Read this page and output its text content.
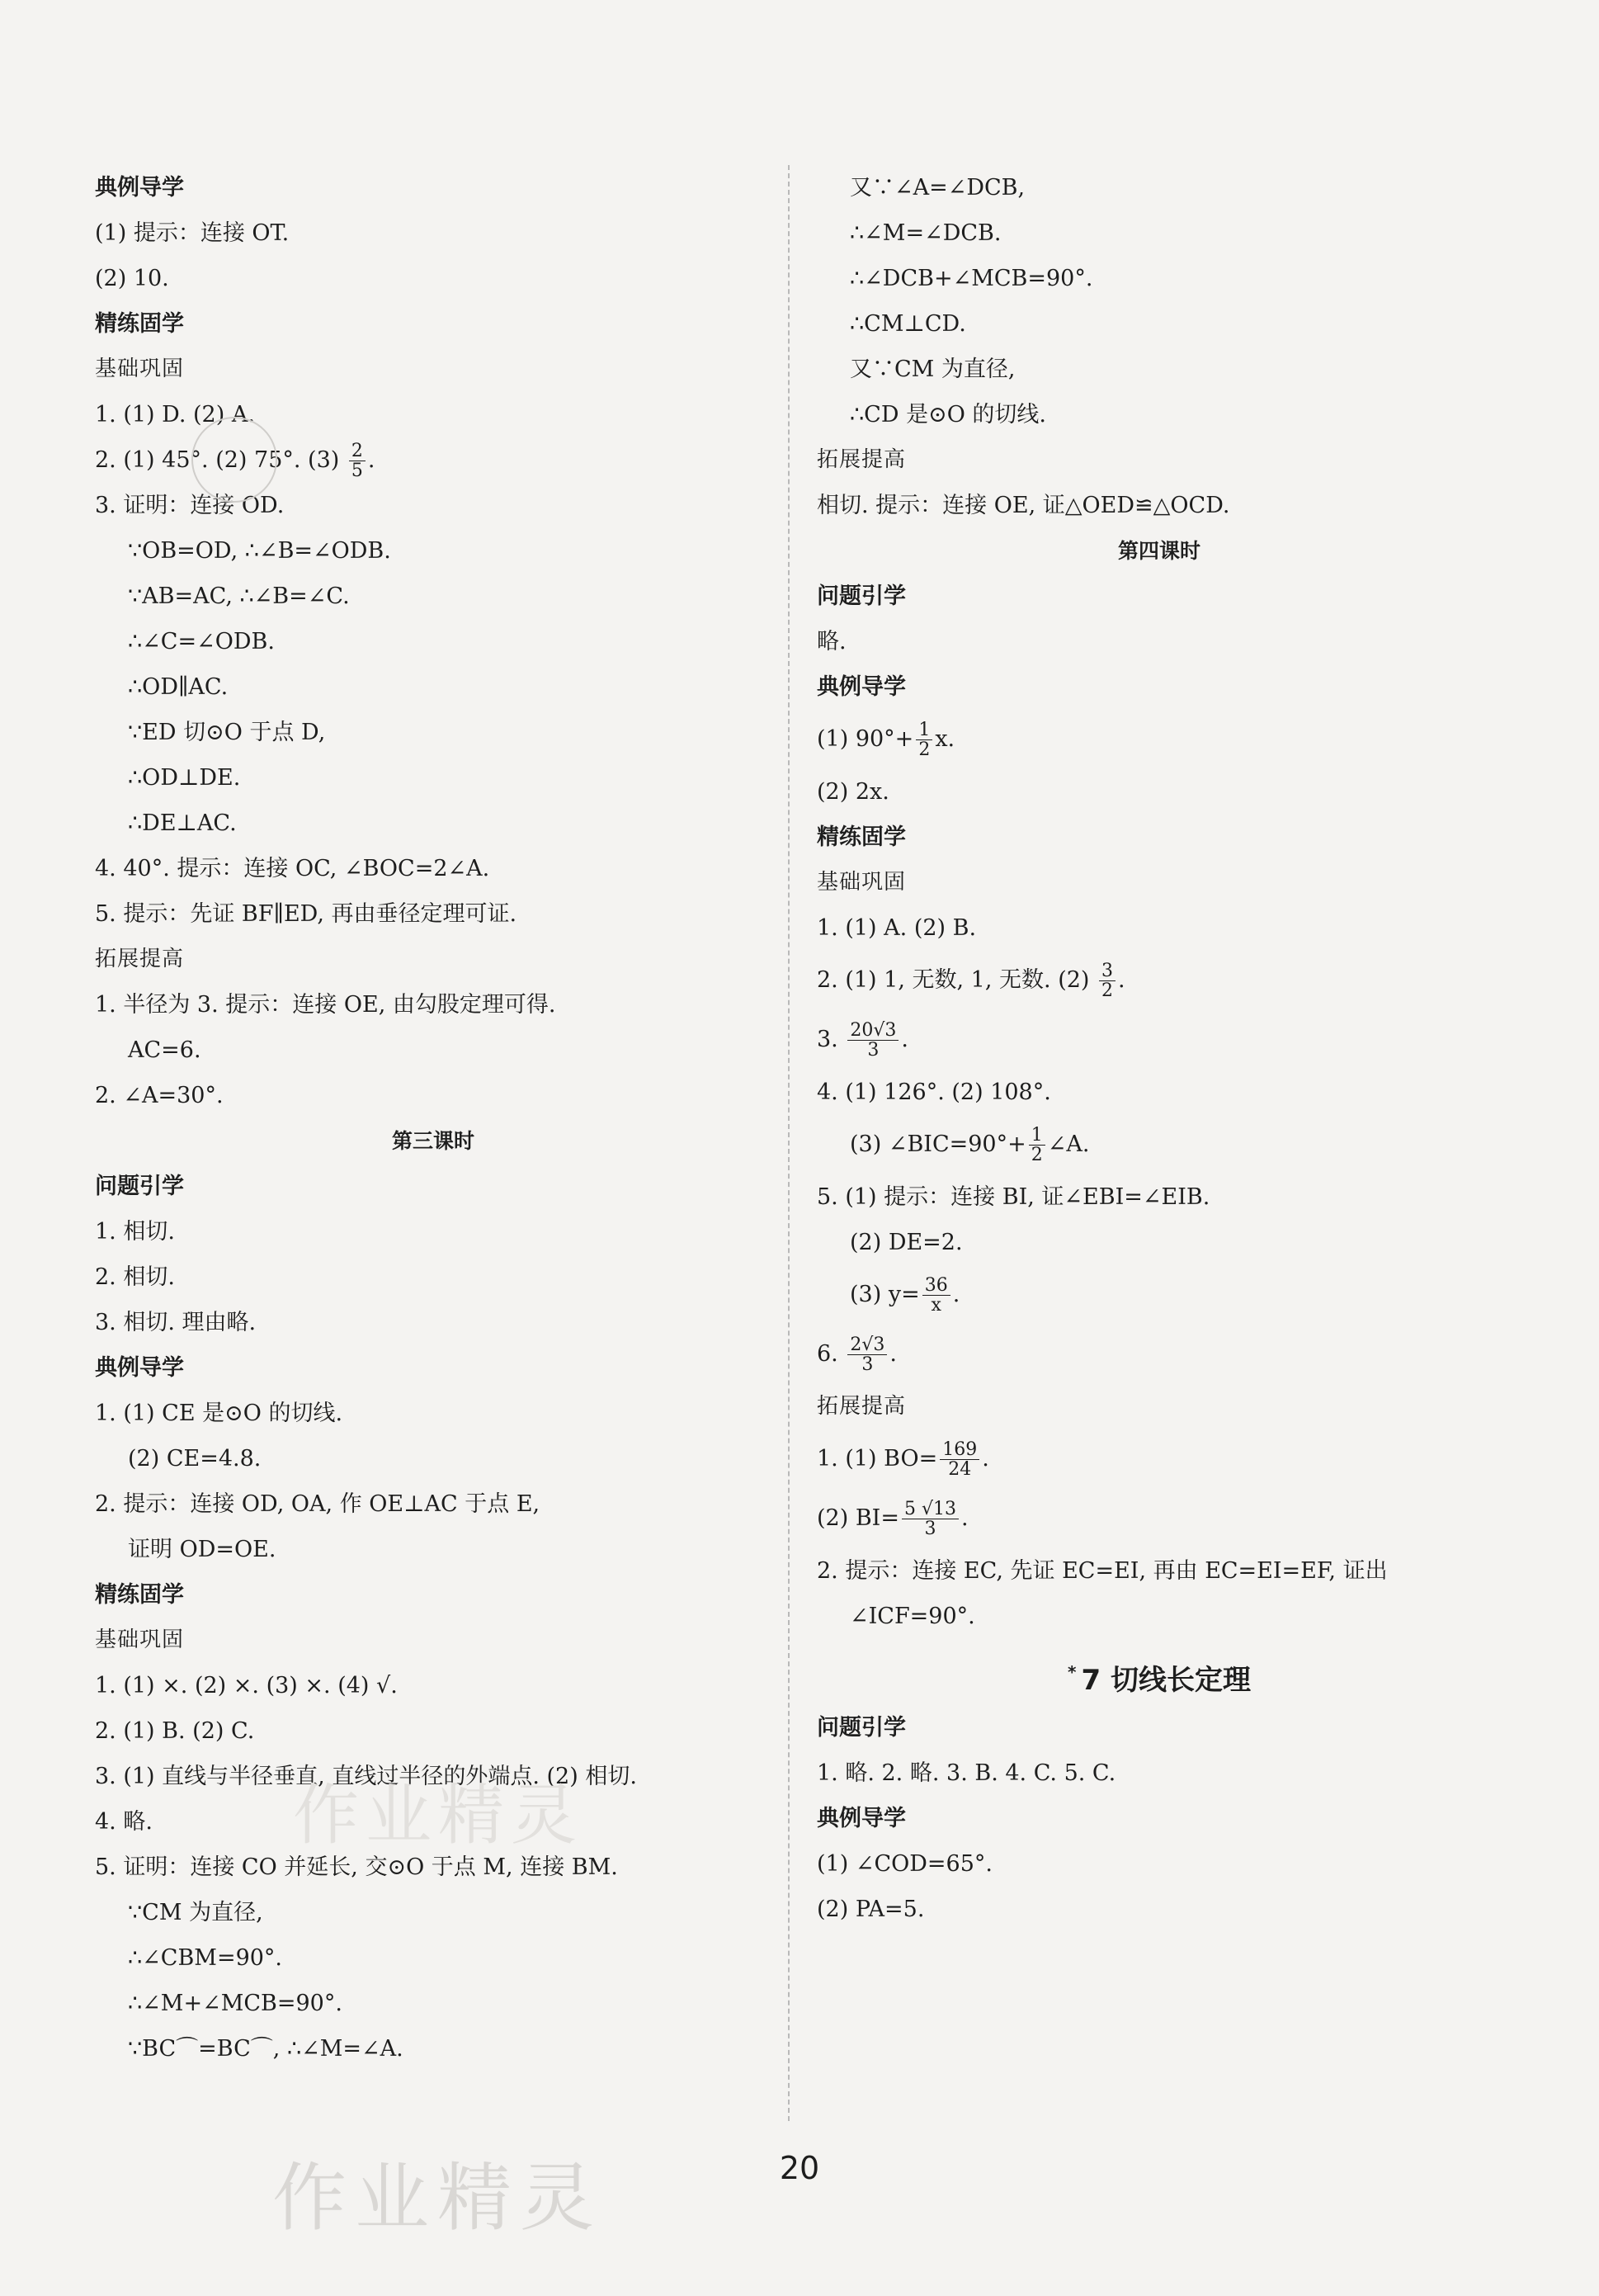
典例导学
(1) 提示：连接 OT.
(2) 10.
精练固学
基础巩固
1. (1) D. (2) A.
2. (1) 45°. (2) 75°. $(3) \frac{2}{5}$ .
3. 证明：连接 OD.
∵OB=OD, ∴∠B=∠ODB.
∵AB=AC, ∴∠B=∠C.
∴∠C=∠ODB.
∴OD∥AC.
∵ED 切⊙O 于点 D,
∴OD⊥DE.
∴DE⊥AC.
4. 40°. 提示：连接 OC, ∠BOC=2∠A.
5. 提示：先证 BF∥ED, 再由垂径定理可证.
拓展提高
1. 半径为 3. 提示：连接 OE, 由勾股定理可得.
AC=6.
2. ∠A=30°.
第三课时
问题引学
1. 相切.
2. 相切.
3. 相切. 理由略.
典例导学
1. (1) CE 是⊙O 的切线.
(2) CE=4.8.
2. 提示：连接 OD, OA, 作 OE⊥AC 于点 E,
证明 OD=OE.
精练固学
基础巩固
1. (1) ×. (2) ×. (3) ×. (4) √.
2. (1) B. (2) C.
3. (1) 直线与半径垂直, 直线过半径的外端点. (2) 相切.
4. 略.
5. 证明：连接 CO 并延长, 交⊙O 于点 M, 连接 BM.
∵CM 为直径,
∴∠CBM=90°.
∴∠M+∠MCB=90°.
∵BC⌒=BC⌒, ∴∠M=∠A.
又∵∠A=∠DCB,
∴∠M=∠DCB.
∴∠DCB+∠MCB=90°.
∴CM⊥CD.
又∵CM 为直径,
∴CD 是⊙O 的切线.
拓展提高
相切. 提示：连接 OE, 证△OED≌△OCD.
第四课时
问题引学
略.
典例导学
(1) $90^\circ+ \frac{1}{2} x$.
(2) 2x.
精练固学
基础巩固
1. (1) A. (2) B.
2. (1) 1, 无数, 1, 无数. $(2) \frac{3}{2}$ .
3. $\frac{20√3}{3}$ .
4. (1) 126°. (2) 108°.
(3) ∠BIC=90°+ $\frac{1}{2}$ ∠A.
5. (1) 提示：连接 BI, 证∠EBI=∠EIB.
(2) DE=2.
(3) $y= \frac{36}{x}$ .
6. $\frac{2√3}{3}$ .
拓展提高
1. (1) $BO= \frac{169}{24}$ .
(2) $BI= \frac{5 √13}{3}$ .
2. 提示：连接 EC, 先证 EC=EI, 再由 EC=EI=EF, 证出
∠ICF=90°.
* 7 切线长定理
问题引学
1. 略. 2. 略. 3. B. 4. C. 5. C.
典例导学
(1) ∠COD=65°.
(2) PA=5.
作业精灵
20
作业精灵
